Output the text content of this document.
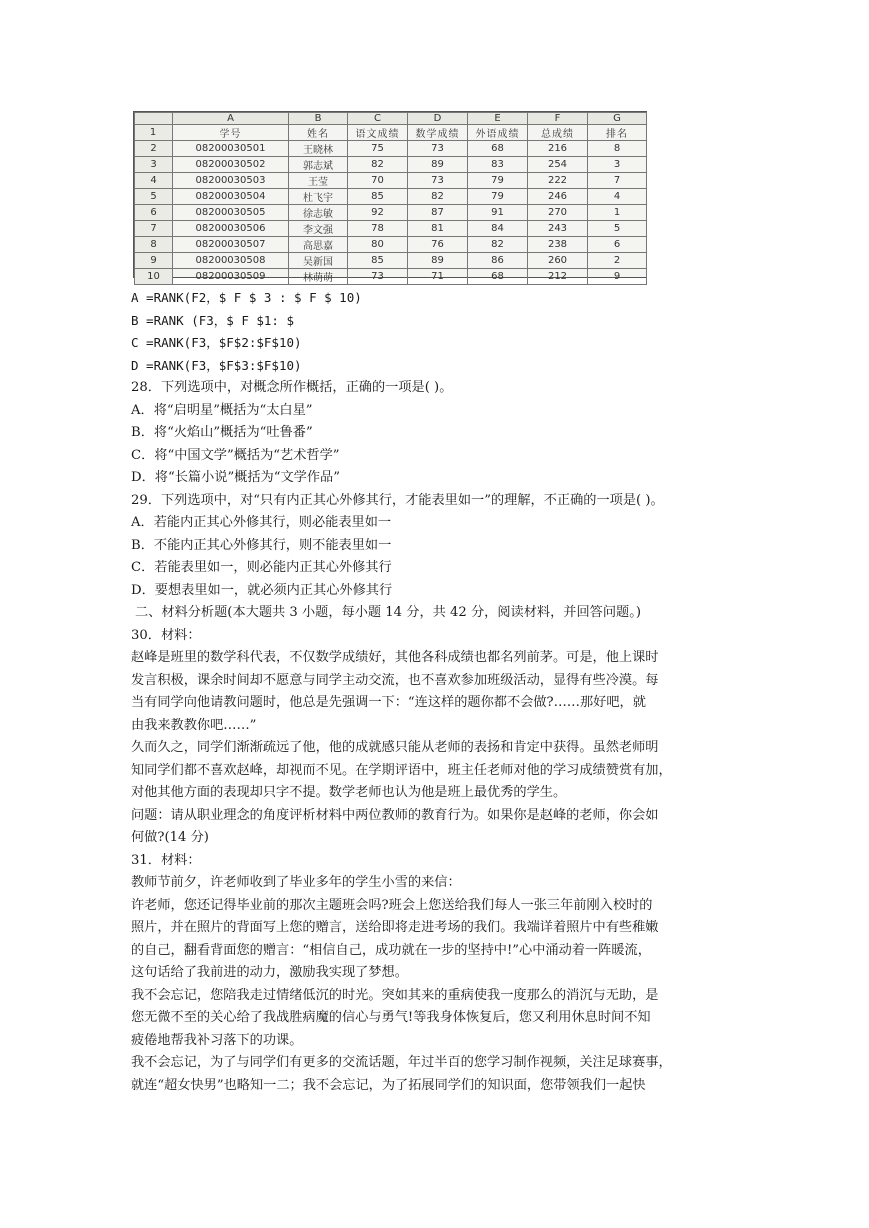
	A	B	C	D	E	F	G
1	学号	姓名	语文成绩	数学成绩	外语成绩	总成绩	排名
2	08200030501	王晓林	75	73	68	216	8
3	08200030502	郭志斌	82	89	83	254	3
4	08200030503	王莹	70	73	79	222	7
5	08200030504	杜飞宇	85	82	79	246	4
6	08200030505	徐志敏	92	87	91	270	1
7	08200030506	李文强	78	81	84	243	5
8	08200030507	高思嘉	80	76	82	238	6
9	08200030508	吴新国	85	89	86	260	2
10	08200030509	林萌萌	73	71	68	212	9
A =RANK(F2，$ F $ 3 : $ F $ 10)
B =RANK (F3，$ F $1: $
C =RANK(F3，$F$2:$F$10)
D =RANK(F3，$F$3:$F$10)
28．下列选项中，对概念所作概括，正确的一项是( )。
A．将“启明星”概括为“太白星”
B．将“火焰山”概括为“吐鲁番”
C．将“中国文学”概括为“艺术哲学”
D．将“长篇小说”概括为“文学作品”
29．下列选项中，对“只有内正其心外修其行，才能表里如一”的理解，不正确的一项是( )。
A．若能内正其心外修其行，则必能表里如一
B．不能内正其心外修其行，则不能表里如一
C．若能表里如一，则必能内正其心外修其行
D．要想表里如一，就必须内正其心外修其行
二、材料分析题(本大题共 3 小题，每小题 14 分，共 42 分，阅读材料，并回答问题。)
30．材料：
赵峰是班里的数学科代表，不仅数学成绩好，其他各科成绩也都名列前茅。可是，他上课时
发言积极，课余时间却不愿意与同学主动交流，也不喜欢参加班级活动，显得有些冷漠。每
当有同学向他请教问题时，他总是先强调一下：“连这样的题你都不会做?……那好吧，就
由我来教教你吧……”
久而久之，同学们渐渐疏远了他，他的成就感只能从老师的表扬和肯定中获得。虽然老师明
知同学们都不喜欢赵峰，却视而不见。在学期评语中，班主任老师对他的学习成绩赞赏有加，
对他其他方面的表现却只字不提。数学老师也认为他是班上最优秀的学生。
问题：请从职业理念的角度评析材料中两位教师的教育行为。如果你是赵峰的老师，你会如
何做?(14 分)
31．材料：
教师节前夕，许老师收到了毕业多年的学生小雪的来信：
许老师，您还记得毕业前的那次主题班会吗?班会上您送给我们每人一张三年前刚入校时的
照片，并在照片的背面写上您的赠言，送给即将走进考场的我们。我端详着照片中有些稚嫩
的自己，翻看背面您的赠言：“相信自己，成功就在一步的坚持中!”心中涌动着一阵暖流，
这句话给了我前进的动力，激励我实现了梦想。
我不会忘记，您陪我走过情绪低沉的时光。突如其来的重病使我一度那么的消沉与无助，是
您无微不至的关心给了我战胜病魔的信心与勇气!等我身体恢复后，您又利用休息时间不知
疲倦地帮我补习落下的功课。
我不会忘记，为了与同学们有更多的交流话题，年过半百的您学习制作视频，关注足球赛事，
就连“超女快男”也略知一二；我不会忘记，为了拓展同学们的知识面，您带领我们一起快
